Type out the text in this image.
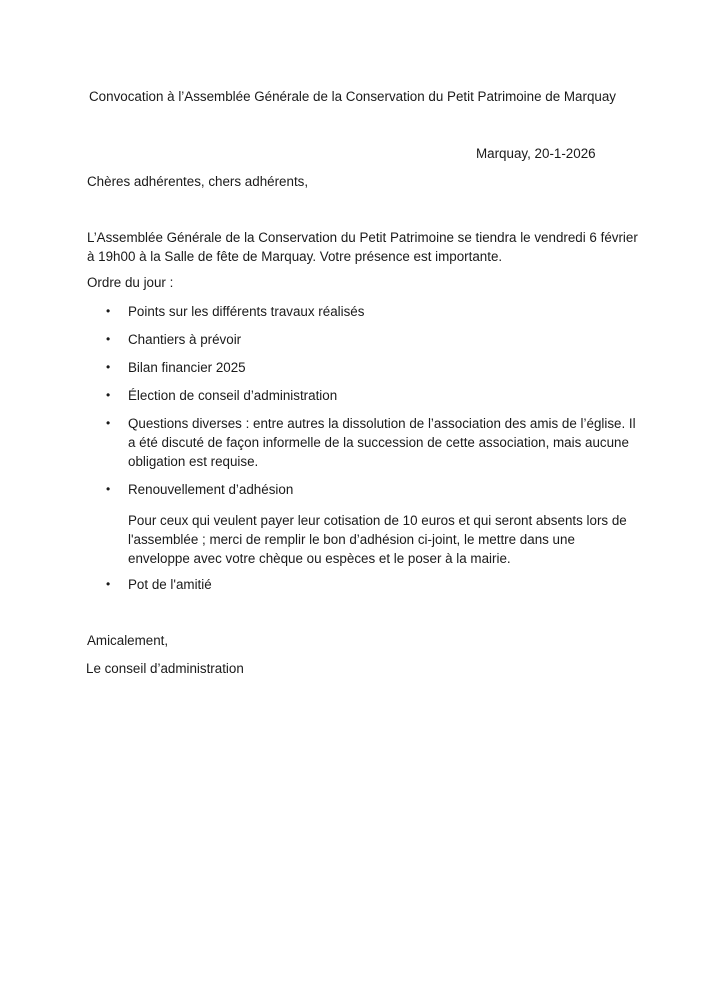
Convocation à l’Assemblée Générale de la Conservation du Petit Patrimoine de Marquay
Marquay, 20-1-2026
Chères adhérentes, chers adhérents,
L’Assemblée Générale de la Conservation du Petit Patrimoine se tiendra le vendredi 6 février
à 19h00 à la Salle de fête de Marquay. Votre présence est importante.
Ordre du jour :
• Points sur les différents travaux réalisés
• Chantiers à prévoir
• Bilan financier 2025
• Élection de conseil d’administration
• Questions diverses : entre autres la dissolution de l’association des amis de l’église. Il
a été discuté de façon informelle de la succession de cette association, mais aucune
obligation est requise.
• Renouvellement d’adhésion
Pour ceux qui veulent payer leur cotisation de 10 euros et qui seront absents lors de
l'assemblée ; merci de remplir le bon d’adhésion ci-joint, le mettre dans une
enveloppe avec votre chèque ou espèces et le poser à la mairie.
• Pot de l'amitié
Amicalement,
Le conseil d’administration
